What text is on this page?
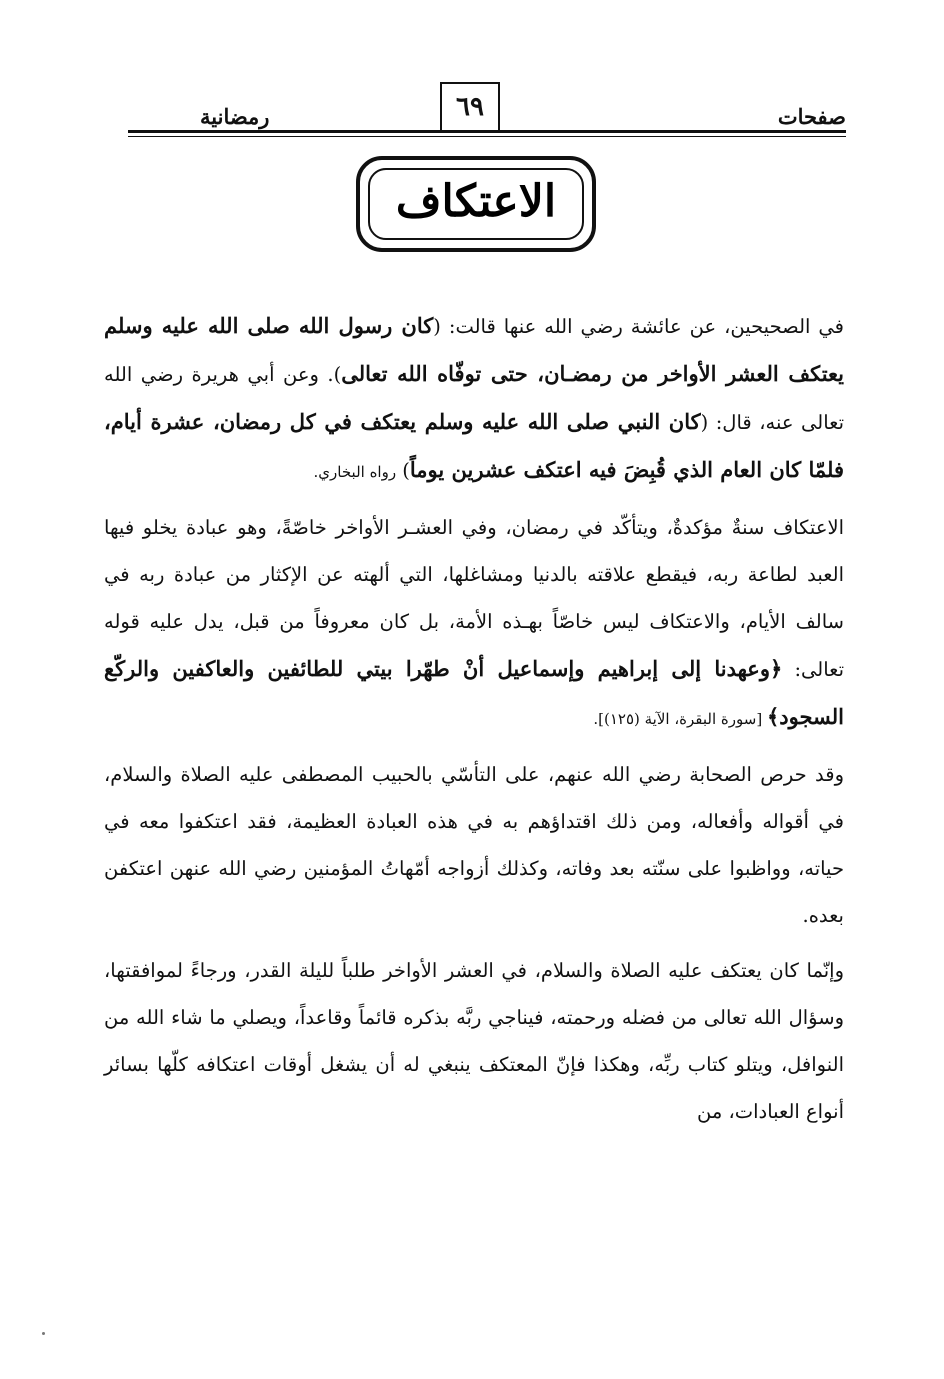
صفحات
٦٩
رمضانية
الاعتكاف

في الصحيحين، عن عائشة رضي الله عنها قالت: (كان رسول الله صلى الله عليه وسلم يعتكف العشر الأواخر من رمضـان، حتى توفّاه الله تعالى). وعن أبي هريرة رضي الله تعالى عنه، قال: (كان النبي صلى الله عليه وسلم يعتكف في كل رمضان، عشرة أيام، فلمّا كان العام الذي قُبِضَ فيه اعتكف عشرين يوماً) رواه البخاري.

الاعتكاف سنةٌ مؤكدةٌ، ويتأكّد في رمضان، وفي العشـر الأواخر خاصّةً، وهو عبادة يخلو فيها العبد لطاعة ربه، فيقطع علاقته بالدنيا ومشاغلها، التي ألهته عن الإكثار من عبادة ربه في سالف الأيام، والاعتكاف ليس خاصّاً بهـذه الأمة، بل كان معروفاً من قبل، يدل عليه قوله تعالى: ﴿وعهدنا إلى إبراهيم وإسماعيل أنْ طهّرا بيتي للطائفين والعاكفين والركّع السجود﴾ [سورة البقرة، الآية (١٢٥)].

وقد حرص الصحابة رضي الله عنهم، على التأسّي بالحبيب المصطفى عليه الصلاة والسلام، في أقواله وأفعاله، ومن ذلك اقتداؤهم به في هذه العبادة العظيمة، فقد اعتكفوا معه في حياته، وواظبوا على سنّته بعد وفاته، وكذلك أزواجه أمّهاتُ المؤمنين رضي الله عنهن اعتكفن بعده.

وإنّما كان يعتكف عليه الصلاة والسلام، في العشر الأواخر طلباً لليلة القدر، ورجاءً لموافقتها، وسؤال الله تعالى من فضله ورحمته، فيناجي ربَّه بذكره قائماً وقاعداً، ويصلي ما شاء الله من النوافل، ويتلو كتاب ربِّه، وهكذا فإنّ المعتكف ينبغي له أن يشغل أوقات اعتكافه كلّها بسائر أنواع العبادات، من
